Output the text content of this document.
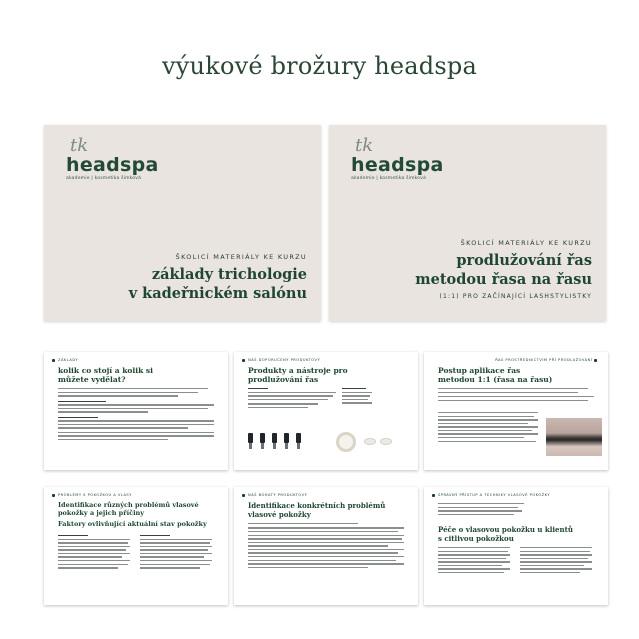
výukové brožury headspa
tk
headspa
akademie | kosmetika šimková
ŠKOLICÍ MATERIÁLY KE KURZU
základy trichologie
v kadeřnickém salónu
tk
headspa
akademie | kosmetika šimková
ŠKOLICÍ MATERIÁLY KE KURZU
prodlužování řas
metodou řasa na řasu
(1:1) PRO ZAČÍNAJÍCÍ LASHSTYLISTKY
ZÁKLADY
kolik co stojí a kolik si
můžete vydělat?
NÁŠ DOPORUČENÝ PRODUKTOVÝ
Produkty a nástroje pro
prodlužování řas
ŘAS PROSTŘEDNICTVÍM PŘÍ PRODLUŽOVÁNÍ
Postup aplikace řas
metodou 1:1 (řasa na řasu)
PROBLÉMY S POKOŽKOU A VLASY
Identifikace různých problémů vlasové
pokožky a jejich příčiny
Faktory ovlivňující aktuální stav pokožky
NÁŠ BOHATÝ PRODUKTOVÝ
Identifikace konkrétních problémů
vlasové pokožky
SPRÁVNÝ PŘÍSTUP A TECHNIKY VLASOVÉ POKOŽKY
Péče o vlasovou pokožku u klientů
s citlivou pokožkou
